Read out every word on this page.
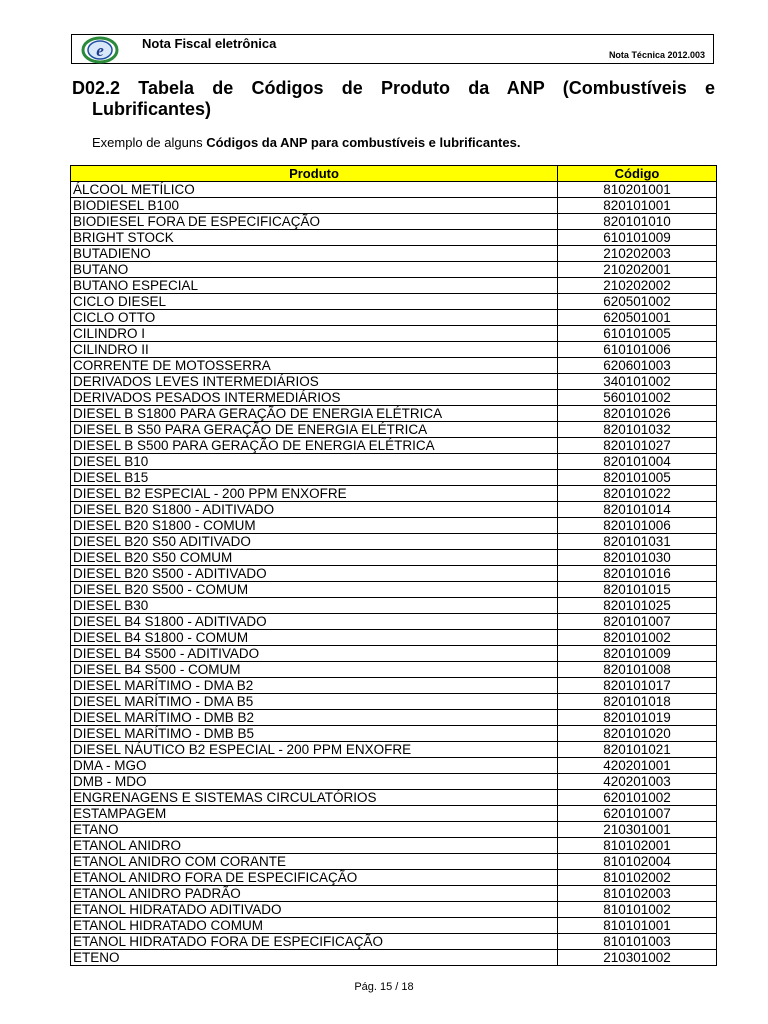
e	Nota Fiscal eletrônica
Nota Técnica 2012.003
D02.2 Tabela de Códigos de Produto da ANP (Combustíveis e
Lubrificantes)
Exemplo de alguns Códigos da ANP para combustíveis e lubrificantes.
Produto	Código
ÁLCOOL METÍLICO	810201001
BIODIESEL B100	820101001
BIODIESEL FORA DE ESPECIFICAÇÃO	820101010
BRIGHT STOCK	610101009
BUTADIENO	210202003
BUTANO	210202001
BUTANO ESPECIAL	210202002
CICLO DIESEL	620501002
CICLO OTTO	620501001
CILINDRO I	610101005
CILINDRO II	610101006
CORRENTE DE MOTOSSERRA	620601003
DERIVADOS LEVES INTERMEDIÁRIOS	340101002
DERIVADOS PESADOS INTERMEDIÁRIOS	560101002
DIESEL B S1800 PARA GERAÇÃO DE ENERGIA ELÉTRICA	820101026
DIESEL B S50 PARA GERAÇÃO DE ENERGIA ELÉTRICA	820101032
DIESEL B S500 PARA GERAÇÃO DE ENERGIA ELÉTRICA	820101027
DIESEL B10	820101004
DIESEL B15	820101005
DIESEL B2 ESPECIAL - 200 PPM ENXOFRE	820101022
DIESEL B20 S1800 - ADITIVADO	820101014
DIESEL B20 S1800 - COMUM	820101006
DIESEL B20 S50 ADITIVADO	820101031
DIESEL B20 S50 COMUM	820101030
DIESEL B20 S500 - ADITIVADO	820101016
DIESEL B20 S500 - COMUM	820101015
DIESEL B30	820101025
DIESEL B4 S1800 - ADITIVADO	820101007
DIESEL B4 S1800 - COMUM	820101002
DIESEL B4 S500 - ADITIVADO	820101009
DIESEL B4 S500 - COMUM	820101008
DIESEL MARÍTIMO - DMA B2	820101017
DIESEL MARÍTIMO - DMA B5	820101018
DIESEL MARÍTIMO - DMB B2	820101019
DIESEL MARÍTIMO - DMB B5	820101020
DIESEL NÁUTICO B2 ESPECIAL - 200 PPM ENXOFRE	820101021
DMA - MGO	420201001
DMB - MDO	420201003
ENGRENAGENS E SISTEMAS CIRCULATÓRIOS	620101002
ESTAMPAGEM	620101007
ETANO	210301001
ETANOL ANIDRO	810102001
ETANOL ANIDRO COM CORANTE	810102004
ETANOL ANIDRO FORA DE ESPECIFICAÇÃO	810102002
ETANOL ANIDRO PADRÃO	810102003
ETANOL HIDRATADO ADITIVADO	810101002
ETANOL HIDRATADO COMUM	810101001
ETANOL HIDRATADO FORA DE ESPECIFICAÇÃO	810101003
ETENO	210301002
Pág. 15 / 18
